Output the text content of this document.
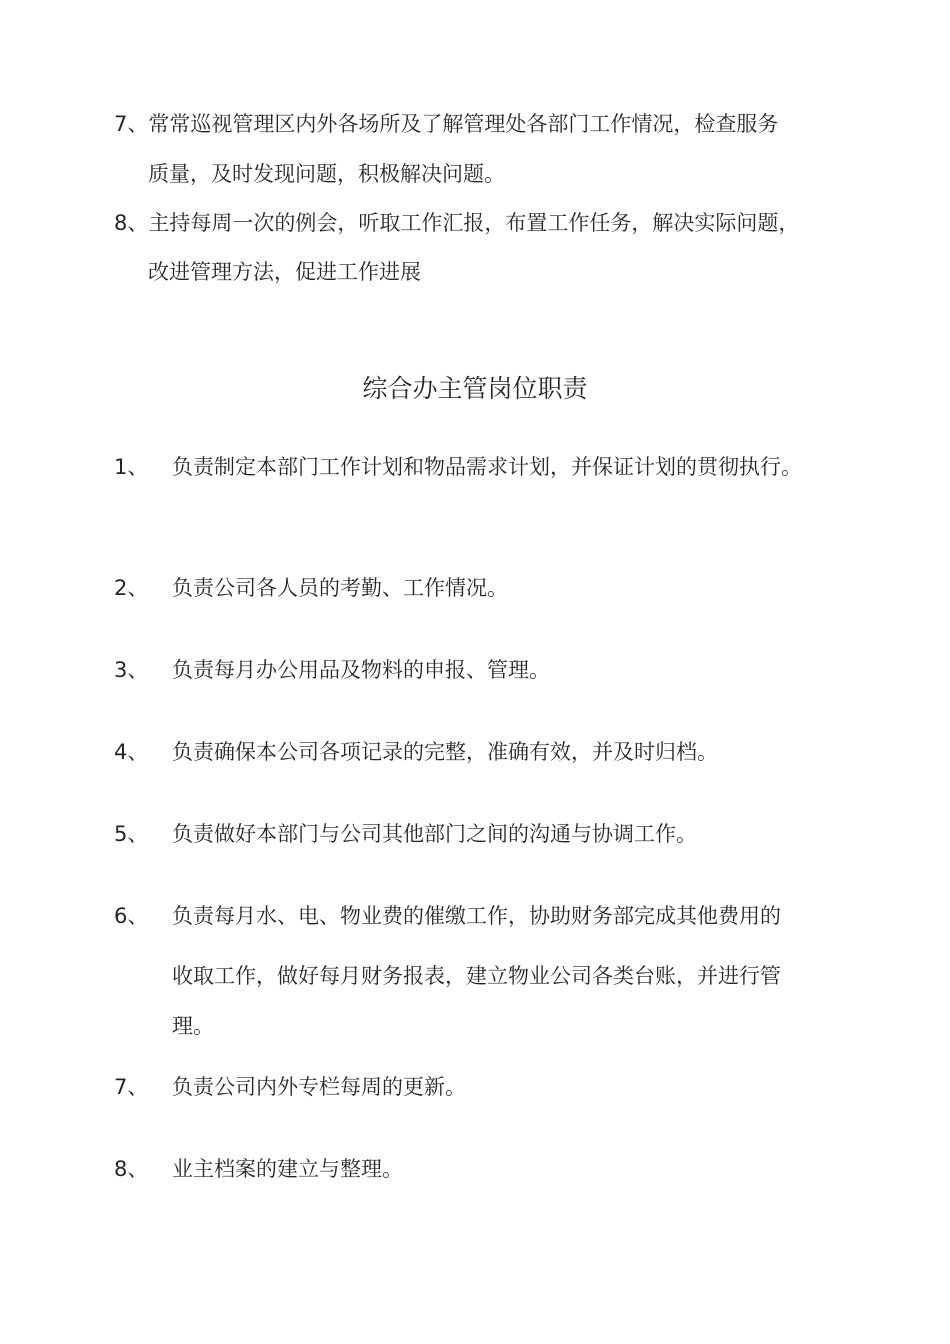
7、常常巡视管理区内外各场所及了解管理处各部门工作情况，检查服务
质量，及时发现问题，积极解决问题。
8、主持每周一次的例会，听取工作汇报，布置工作任务，解决实际问题，
改进管理方法，促进工作进展
综合办主管岗位职责
1、 负责制定本部门工作计划和物品需求计划，并保证计划的贯彻执行。
2、 负责公司各人员的考勤、工作情况。
3、 负责每月办公用品及物料的申报、管理。
4、 负责确保本公司各项记录的完整，准确有效，并及时归档。
5、 负责做好本部门与公司其他部门之间的沟通与协调工作。
6、 负责每月水、电、物业费的催缴工作，协助财务部完成其他费用的
收取工作，做好每月财务报表，建立物业公司各类台账，并进行管
理。
7、 负责公司内外专栏每周的更新。
8、 业主档案的建立与整理。
